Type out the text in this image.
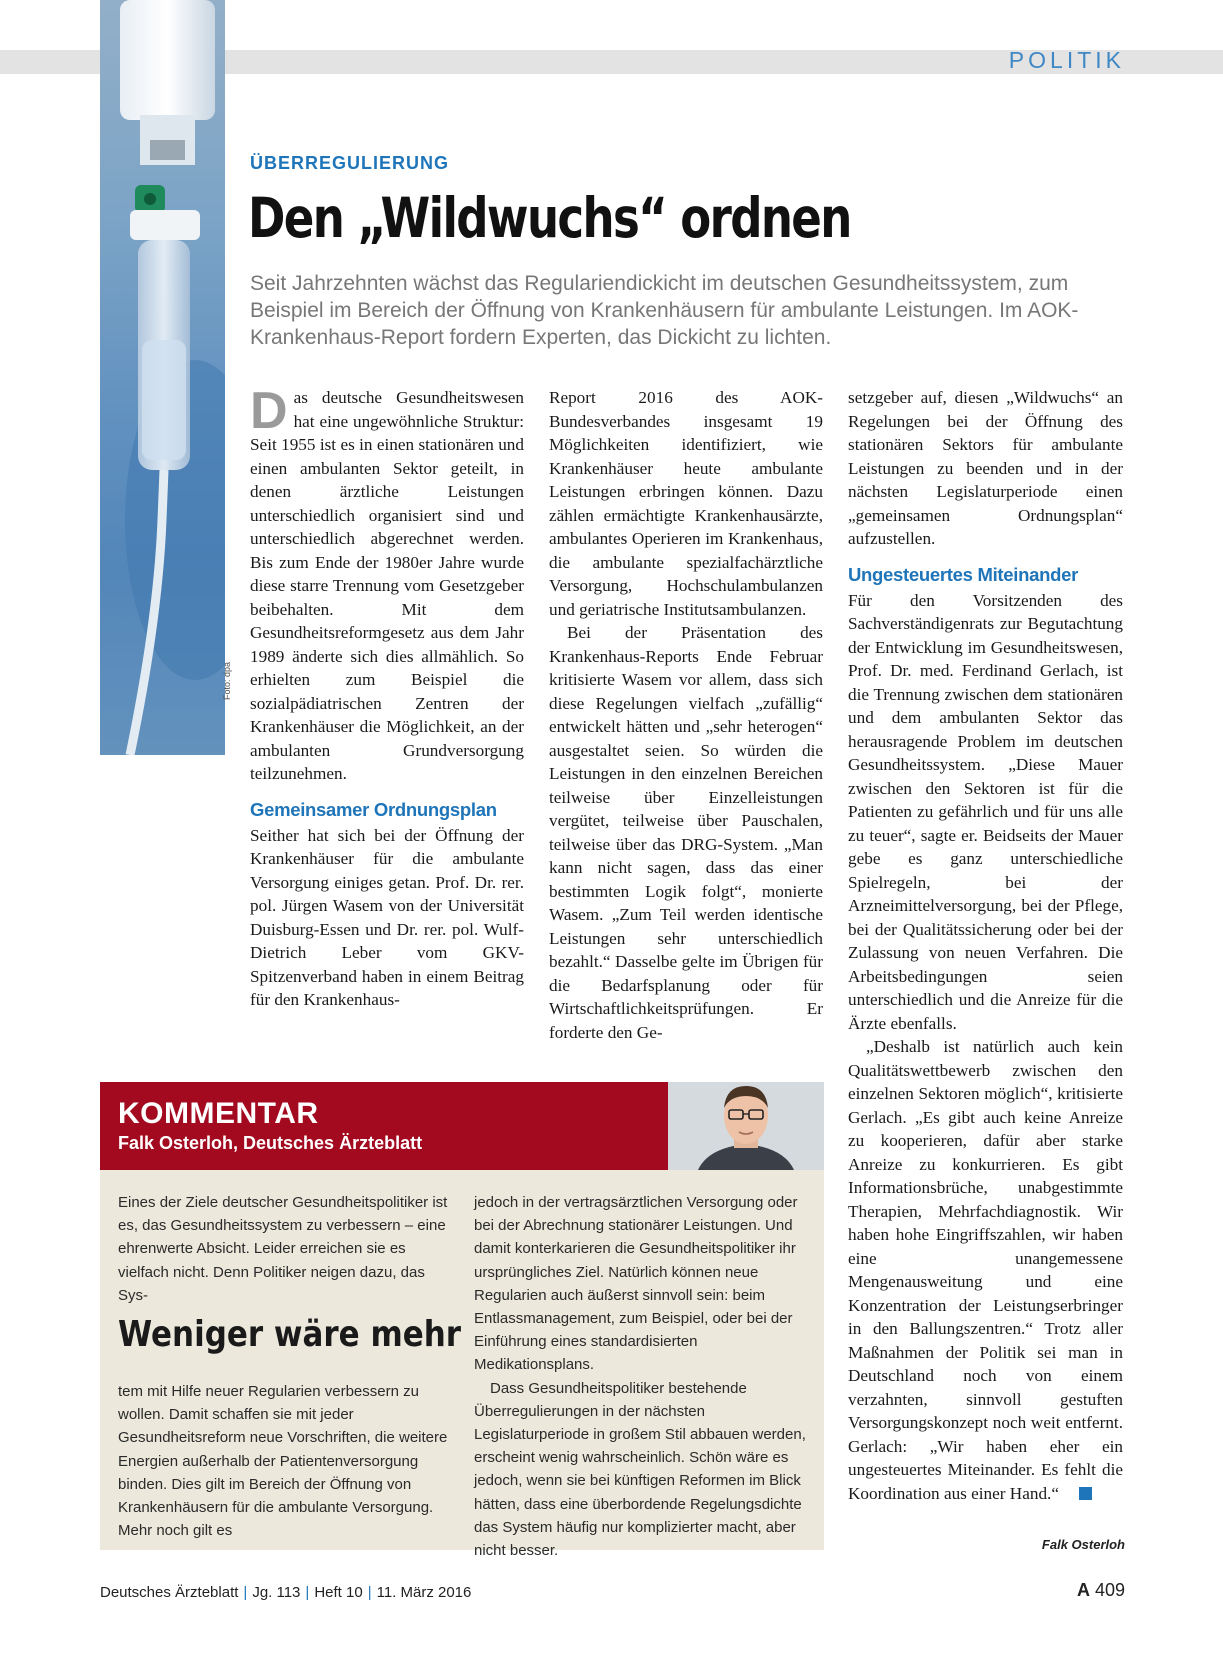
POLITIK
Foto: dpa
ÜBERREGULIERUNG
Den „Wildwuchs“ ordnen
Seit Jahrzehnten wächst das Regulariendickicht im deutschen Gesundheitssystem, zum Beispiel im Bereich der Öffnung von Krankenhäusern für ambulante Leistungen. Im AOK-Krankenhaus-Report fordern Experten, das Dickicht zu lichten.
D as deutsche Gesundheitswesen hat eine ungewöhnliche Struktur: Seit 1955 ist es in einen stationären und einen ambulanten Sektor geteilt, in denen ärztliche Leistungen unterschiedlich organisiert sind und unterschiedlich abgerechnet werden. Bis zum Ende der 1980er Jahre wurde diese starre Trennung vom Gesetzgeber beibehalten. Mit dem Gesundheitsreformgesetz aus dem Jahr 1989 änderte sich dies allmählich. So erhielten zum Beispiel die sozialpädiatrischen Zentren der Krankenhäuser die Möglichkeit, an der ambulanten Grundversorgung teilzunehmen.

Gemeinsamer Ordnungsplan

Seither hat sich bei der Öffnung der Krankenhäuser für die ambulante Versorgung einiges getan. Prof. Dr. rer. pol. Jürgen Wasem von der Universität Duisburg-Essen und Dr. rer. pol. Wulf-Dietrich Leber vom GKV-Spitzenverband haben in einem Beitrag für den Krankenhaus-

Report 2016 des AOK-Bundesverbandes insgesamt 19 Möglichkeiten identifiziert, wie Krankenhäuser heute ambulante Leistungen erbringen können. Dazu zählen ermächtigte Krankenhausärzte, ambulantes Operieren im Krankenhaus, die ambulante spezialfachärztliche Versorgung, Hochschulambulanzen und geriatrische Institutsambulanzen.

Bei der Präsentation des Krankenhaus-Reports Ende Februar kritisierte Wasem vor allem, dass sich diese Regelungen vielfach „zufällig“ entwickelt hätten und „sehr heterogen“ ausgestaltet seien. So würden die Leistungen in den einzelnen Bereichen teilweise über Einzelleistungen vergütet, teilweise über Pauschalen, teilweise über das DRG-System. „Man kann nicht sagen, dass das einer bestimmten Logik folgt“, monierte Wasem. „Zum Teil werden identische Leistungen sehr unterschiedlich bezahlt.“ Dasselbe gelte im Übrigen für die Bedarfsplanung oder für Wirtschaftlichkeitsprüfungen. Er forderte den Ge-

setzgeber auf, diesen „Wildwuchs“ an Regelungen bei der Öffnung des stationären Sektors für ambulante Leistungen zu beenden und in der nächsten Legislaturperiode einen „gemeinsamen Ordnungsplan“ aufzustellen.

Ungesteuertes Miteinander

Für den Vorsitzenden des Sachverständigenrats zur Begutachtung der Entwicklung im Gesundheitswesen, Prof. Dr. med. Ferdinand Gerlach, ist die Trennung zwischen dem stationären und dem ambulanten Sektor das herausragende Problem im deutschen Gesundheitssystem. „Diese Mauer zwischen den Sektoren ist für die Patienten zu gefährlich und für uns alle zu teuer“, sagte er. Beidseits der Mauer gebe es ganz unterschiedliche Spielregeln, bei der Arzneimittelversorgung, bei der Pflege, bei der Qualitätssicherung oder bei der Zulassung von neuen Verfahren. Die Arbeitsbedingungen seien unterschiedlich und die Anreize für die Ärzte ebenfalls.

„Deshalb ist natürlich auch kein Qualitätswettbewerb zwischen den einzelnen Sektoren möglich“, kritisierte Gerlach. „Es gibt auch keine Anreize zu kooperieren, dafür aber starke Anreize zu konkurrieren. Es gibt Informationsbrüche, unabgestimmte Therapien, Mehrfachdiagnostik. Wir haben hohe Eingriffszahlen, wir haben eine unangemessene Mengenausweitung und eine Konzentration der Leistungserbringer in den Ballungszentren.“ Trotz aller Maßnahmen der Politik sei man in Deutschland noch von einem verzahnten, sinnvoll gestuften Versorgungskonzept noch weit entfernt. Gerlach: „Wir haben eher ein ungesteuertes Miteinander. Es fehlt die Koordination aus einer Hand.“

Falk Osterloh
KOMMENTAR
Falk Osterloh, Deutsches Ärzteblatt

Eines der Ziele deutscher Gesundheitspolitiker ist es, das Gesundheitssystem zu verbessern – eine ehrenwerte Absicht. Leider erreichen sie es vielfach nicht. Denn Politiker neigen dazu, das Sys-

Weniger wäre mehr

tem mit Hilfe neuer Regularien verbessern zu wollen. Damit schaffen sie mit jeder Gesundheitsreform neue Vorschriften, die weitere Energien außerhalb der Patientenversorgung binden. Dies gilt im Bereich der Öffnung von Krankenhäusern für die ambulante Versorgung. Mehr noch gilt es

jedoch in der vertragsärztlichen Versorgung oder bei der Abrechnung stationärer Leistungen. Und damit konterkarieren die Gesundheitspolitiker ihr ursprüngliches Ziel. Natürlich können neue Regularien auch äußerst sinnvoll sein: beim Entlassmanagement, zum Beispiel, oder bei der Einführung eines standardisierten Medikationsplans.

Dass Gesundheitspolitiker bestehende Überregulierungen in der nächsten Legislaturperiode in großem Stil abbauen werden, erscheint wenig wahrscheinlich. Schön wäre es jedoch, wenn sie bei künftigen Reformen im Blick hätten, dass eine überbordende Regelungsdichte das System häufig nur komplizierter macht, aber nicht besser.

Deutsches Ärzteblatt | Jg. 113 | Heft 10 | 11. März 2016	A 409
